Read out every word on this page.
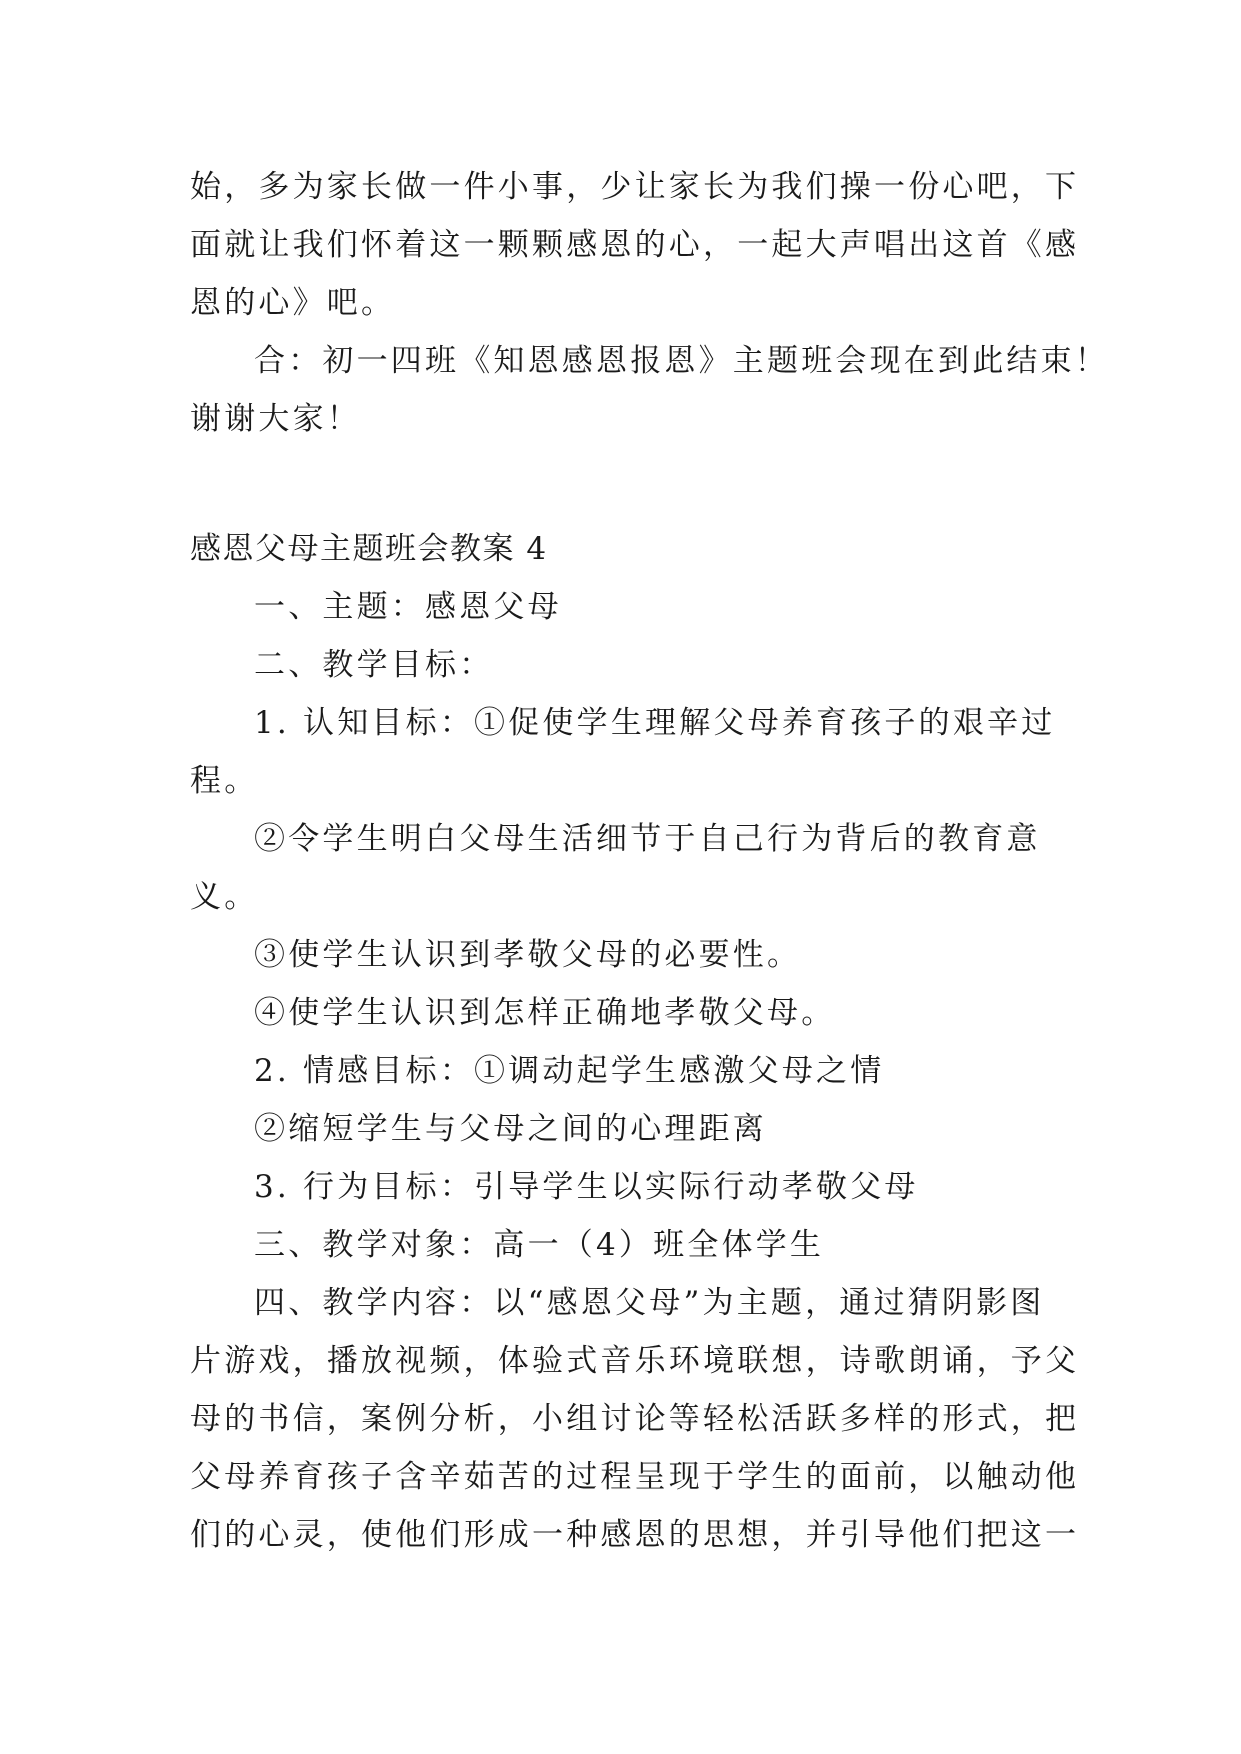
始，多为家长做一件小事，少让家长为我们操一份心吧，下
面就让我们怀着这一颗颗感恩的心，一起大声唱出这首《感
恩的心》吧。
合：初一四班《知恩感恩报恩》主题班会现在到此结束！
谢谢大家！
感恩父母主题班会教案 4
一、主题：感恩父母
二、教学目标：
1. 认知目标：①促使学生理解父母养育孩子的艰辛过
程。
②令学生明白父母生活细节于自己行为背后的教育意
义。
③使学生认识到孝敬父母的必要性。
④使学生认识到怎样正确地孝敬父母。
2. 情感目标：①调动起学生感激父母之情
②缩短学生与父母之间的心理距离
3. 行为目标：引导学生以实际行动孝敬父母
三、教学对象：高一（4）班全体学生
四、教学内容：以“感恩父母”为主题，通过猜阴影图
片游戏，播放视频，体验式音乐环境联想，诗歌朗诵，予父
母的书信，案例分析，小组讨论等轻松活跃多样的形式，把
父母养育孩子含辛茹苦的过程呈现于学生的面前，以触动他
们的心灵，使他们形成一种感恩的思想，并引导他们把这一
